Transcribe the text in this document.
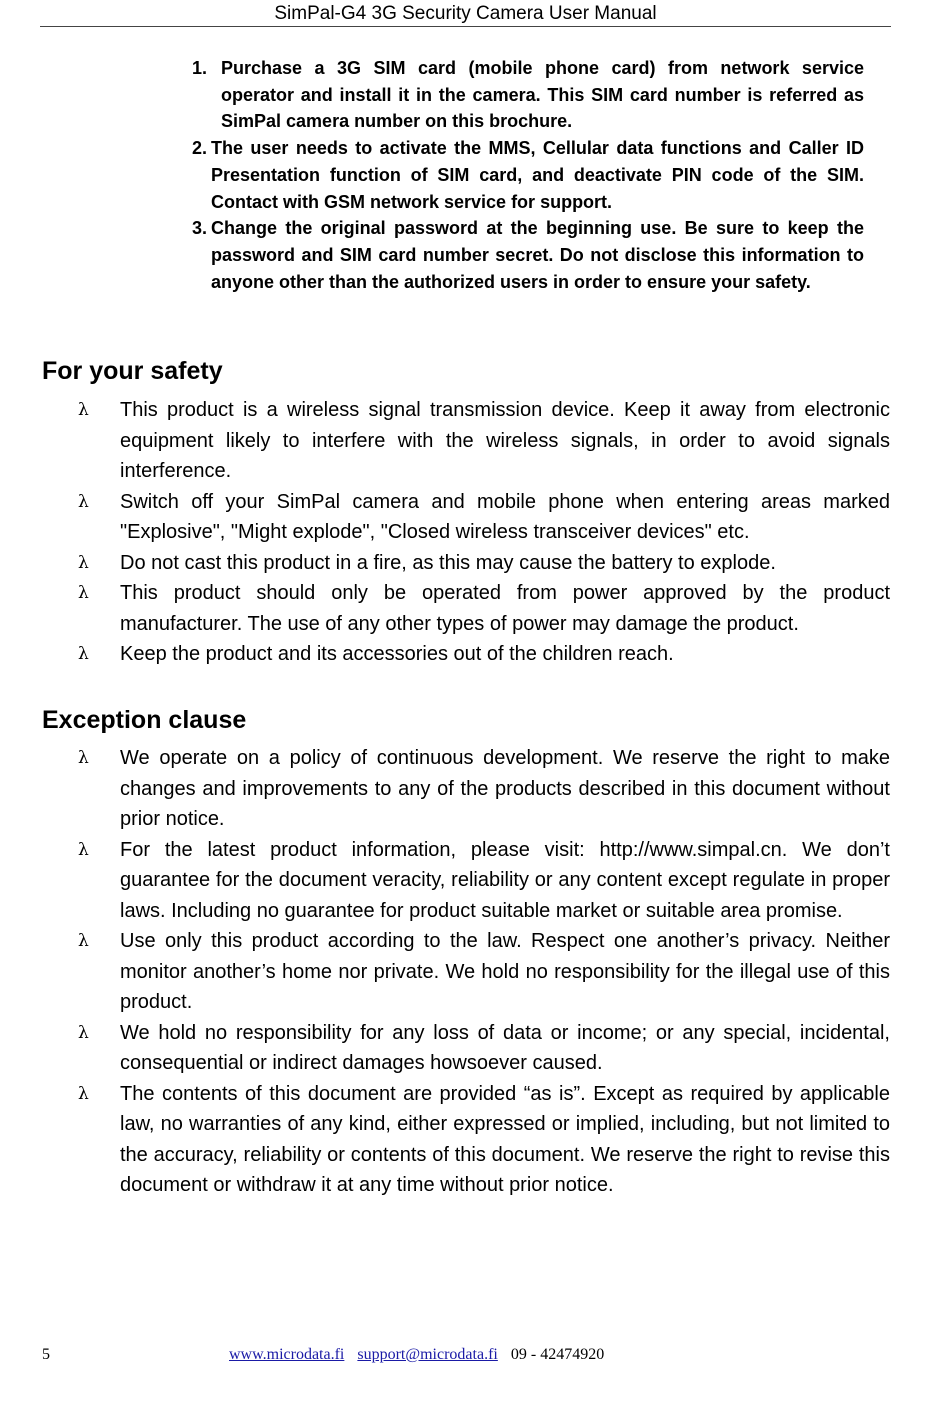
SimPal-G4 3G Security Camera User Manual
1. Purchase a 3G SIM card (mobile phone card) from network service operator and install it in the camera. This SIM card number is referred as SimPal camera number on this brochure.
2. The user needs to activate the MMS, Cellular data functions and Caller ID Presentation function of SIM card, and deactivate PIN code of the SIM. Contact with GSM network service for support.
3. Change the original password at the beginning use. Be sure to keep the password and SIM card number secret. Do not disclose this information to anyone other than the authorized users in order to ensure your safety.
For your safety
λ This product is a wireless signal transmission device. Keep it away from electronic equipment likely to interfere with the wireless signals, in order to avoid signals interference.
λ Switch off your SimPal camera and mobile phone when entering areas marked "Explosive", "Might explode", "Closed wireless transceiver devices" etc.
λ Do not cast this product in a fire, as this may cause the battery to explode.
λ This product should only be operated from power approved by the product manufacturer. The use of any other types of power may damage the product.
λ Keep the product and its accessories out of the children reach.
Exception clause
λ We operate on a policy of continuous development. We reserve the right to make changes and improvements to any of the products described in this document without prior notice.
λ For the latest product information, please visit: http://www.simpal.cn. We don’t guarantee for the document veracity, reliability or any content except regulate in proper laws. Including no guarantee for product suitable market or suitable area promise.
λ Use only this product according to the law. Respect one another’s privacy. Neither monitor another’s home nor private. We hold no responsibility for the illegal use of this product.
λ We hold no responsibility for any loss of data or income; or any special, incidental, consequential or indirect damages howsoever caused.
λ The contents of this document are provided “as is”. Except as required by applicable law, no warranties of any kind, either expressed or implied, including, but not limited to the accuracy, reliability or contents of this document. We reserve the right to revise this document or withdraw it at any time without prior notice.
5	www.microdata.fi support@microdata.fi 09 - 42474920
